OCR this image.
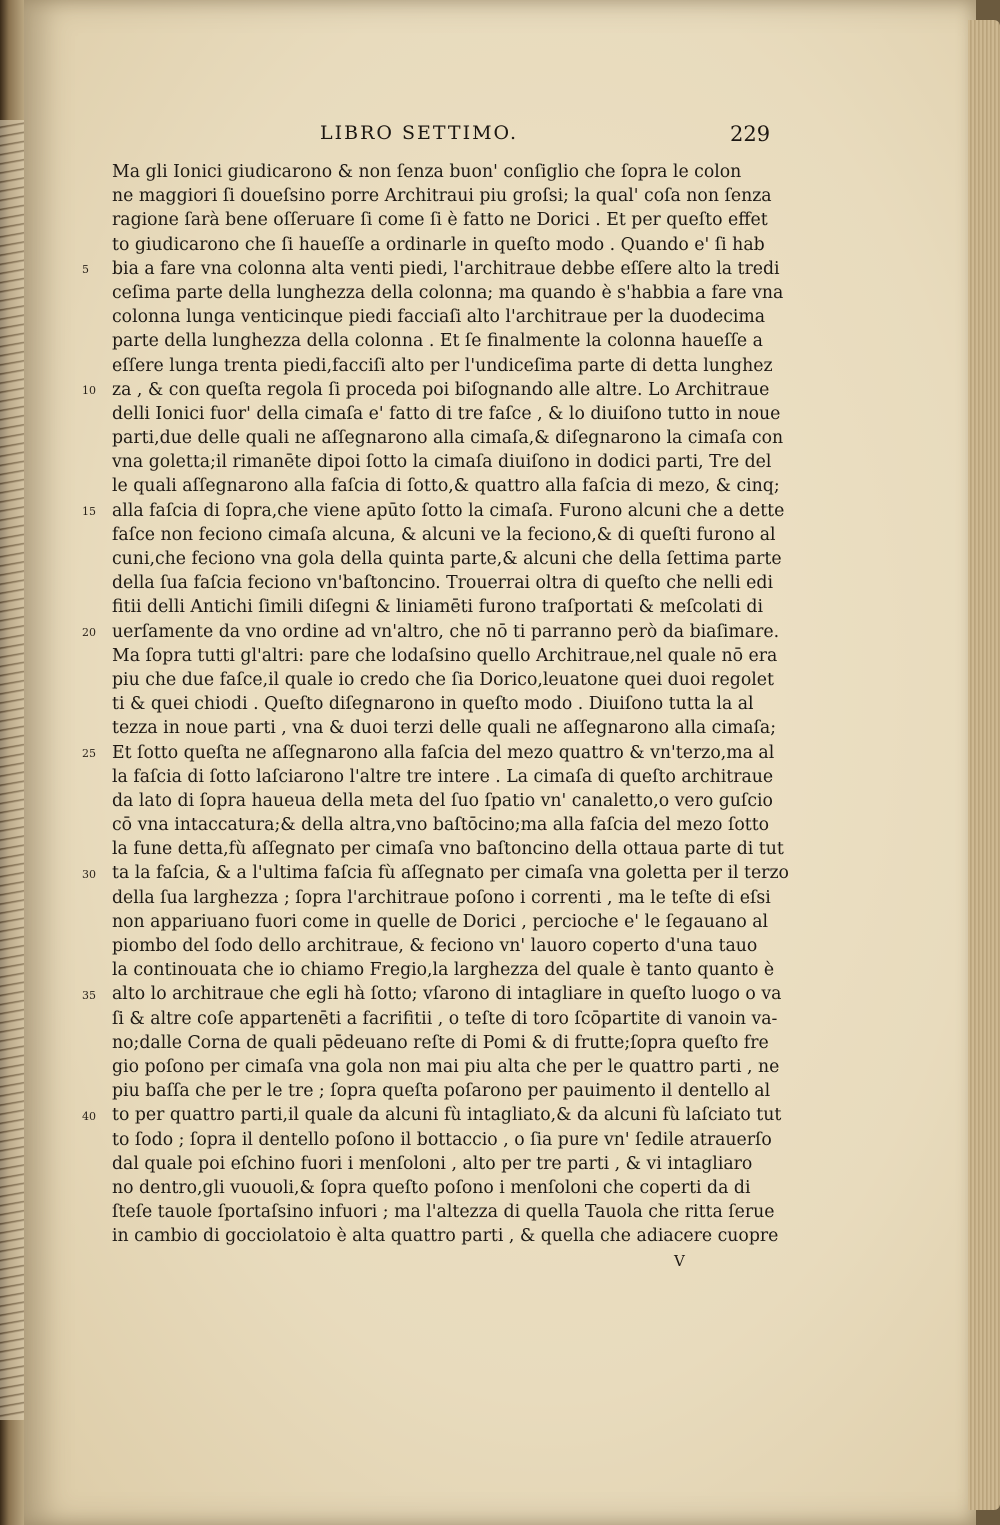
LIBRO SETTIMO.	229
5
10
15
20
25
30
35
40
Ma gli Ionici giudicarono & non ſenza buon' conſiglio che ſopra le colon
ne maggiori ſi doueſsino porre Architraui piu groſsi; la qual' coſa non ſenza
ragione ſarà bene oſſeruare ſi come ſi è fatto ne Dorici . Et per queſto effet
to giudicarono che ſi haueſſe a ordinarle in queſto modo . Quando e' ſi hab
bia a fare vna colonna alta venti piedi, l'architraue debbe eſſere alto la tredi
ceſima parte della lunghezza della colonna; ma quando è s'habbia a fare vna
colonna lunga venticinque piedi facciaſi alto l'architraue per la duodecima
parte della lunghezza della colonna . Et ſe finalmente la colonna haueſſe a
eſſere lunga trenta piedi,facciſi alto per l'undiceſima parte di detta lunghez
za , & con queſta regola ſi proceda poi biſognando alle altre. Lo Architraue
delli Ionici fuor' della cimaſa e' fatto di tre faſce , & lo diuiſono tutto in noue
parti,due delle quali ne aſſegnarono alla cimaſa,& diſegnarono la cimaſa con
vna goletta;il rimanēte dipoi ſotto la cimaſa diuiſono in dodici parti, Tre del
le quali aſſegnarono alla faſcia di ſotto,& quattro alla faſcia di mezo, & cinq;
alla faſcia di ſopra,che viene apūto ſotto la cimaſa. Furono alcuni che a dette
faſce non feciono cimaſa alcuna, & alcuni ve la feciono,& di queſti furono al
cuni,che feciono vna gola della quinta parte,& alcuni che della ſettima parte
della ſua faſcia feciono vn'baſtoncino. Trouerrai oltra di queſto che nelli edi
fitii delli Antichi ſimili diſegni & liniamēti furono traſportati & meſcolati di
uerſamente da vno ordine ad vn'altro, che nō ti parranno però da biaſimare.
Ma ſopra tutti gl'altri: pare che lodaſsino quello Architraue,nel quale nō era
piu che due faſce,il quale io credo che ſia Dorico,leuatone quei duoi regolet
ti & quei chiodi . Queſto diſegnarono in queſto modo . Diuiſono tutta la al
tezza in noue parti , vna & duoi terzi delle quali ne aſſegnarono alla cimaſa;
Et ſotto queſta ne aſſegnarono alla faſcia del mezo quattro & vn'terzo,ma al
la faſcia di ſotto laſciarono l'altre tre intere . La cimaſa di queſto architraue
da lato di ſopra haueua della meta del ſuo ſpatio vn' canaletto,o vero guſcio
cō vna intaccatura;& della altra,vno baſtōcino;ma alla faſcia del mezo ſotto
la fune detta,fù aſſegnato per cimaſa vno baſtoncino della ottaua parte di tut
ta la faſcia, & a l'ultima faſcia fù aſſegnato per cimaſa vna goletta per il terzo
della ſua larghezza ; ſopra l'architraue poſono i correnti , ma le teſte di eſsi
non appariuano fuori come in quelle de Dorici , percioche e' le ſegauano al
piombo del ſodo dello architraue, & feciono vn' lauoro coperto d'una tauo
la continouata che io chiamo Fregio,la larghezza del quale è tanto quanto è
alto lo architraue che egli hà ſotto; vſarono di intagliare in queſto luogo o va
ſi & altre coſe appartenēti a facrifitii , o teſte di toro ſcōpartite di vanoin va-
no;dalle Corna de quali pēdeuano reſte di Pomi & di frutte;ſopra queſto fre
gio poſono per cimaſa vna gola non mai piu alta che per le quattro parti , ne
piu baſſa che per le tre ; ſopra queſta poſarono per pauimento il dentello al
to per quattro parti,il quale da alcuni fù intagliato,& da alcuni fù laſciato tut
to ſodo ; ſopra il dentello poſono il bottaccio , o ſia pure vn' ſedile atrauerſo
dal quale poi eſchino fuori i menſoloni , alto per tre parti , & vi intagliaro
no dentro,gli vuouoli,& ſopra queſto poſono i menſoloni che coperti da di
ſteſe tauole ſportaſsino infuori ; ma l'altezza di quella Tauola che ritta ſerue
in cambio di gocciolatoio è alta quattro parti , & quella che adiacere cuopre
V
